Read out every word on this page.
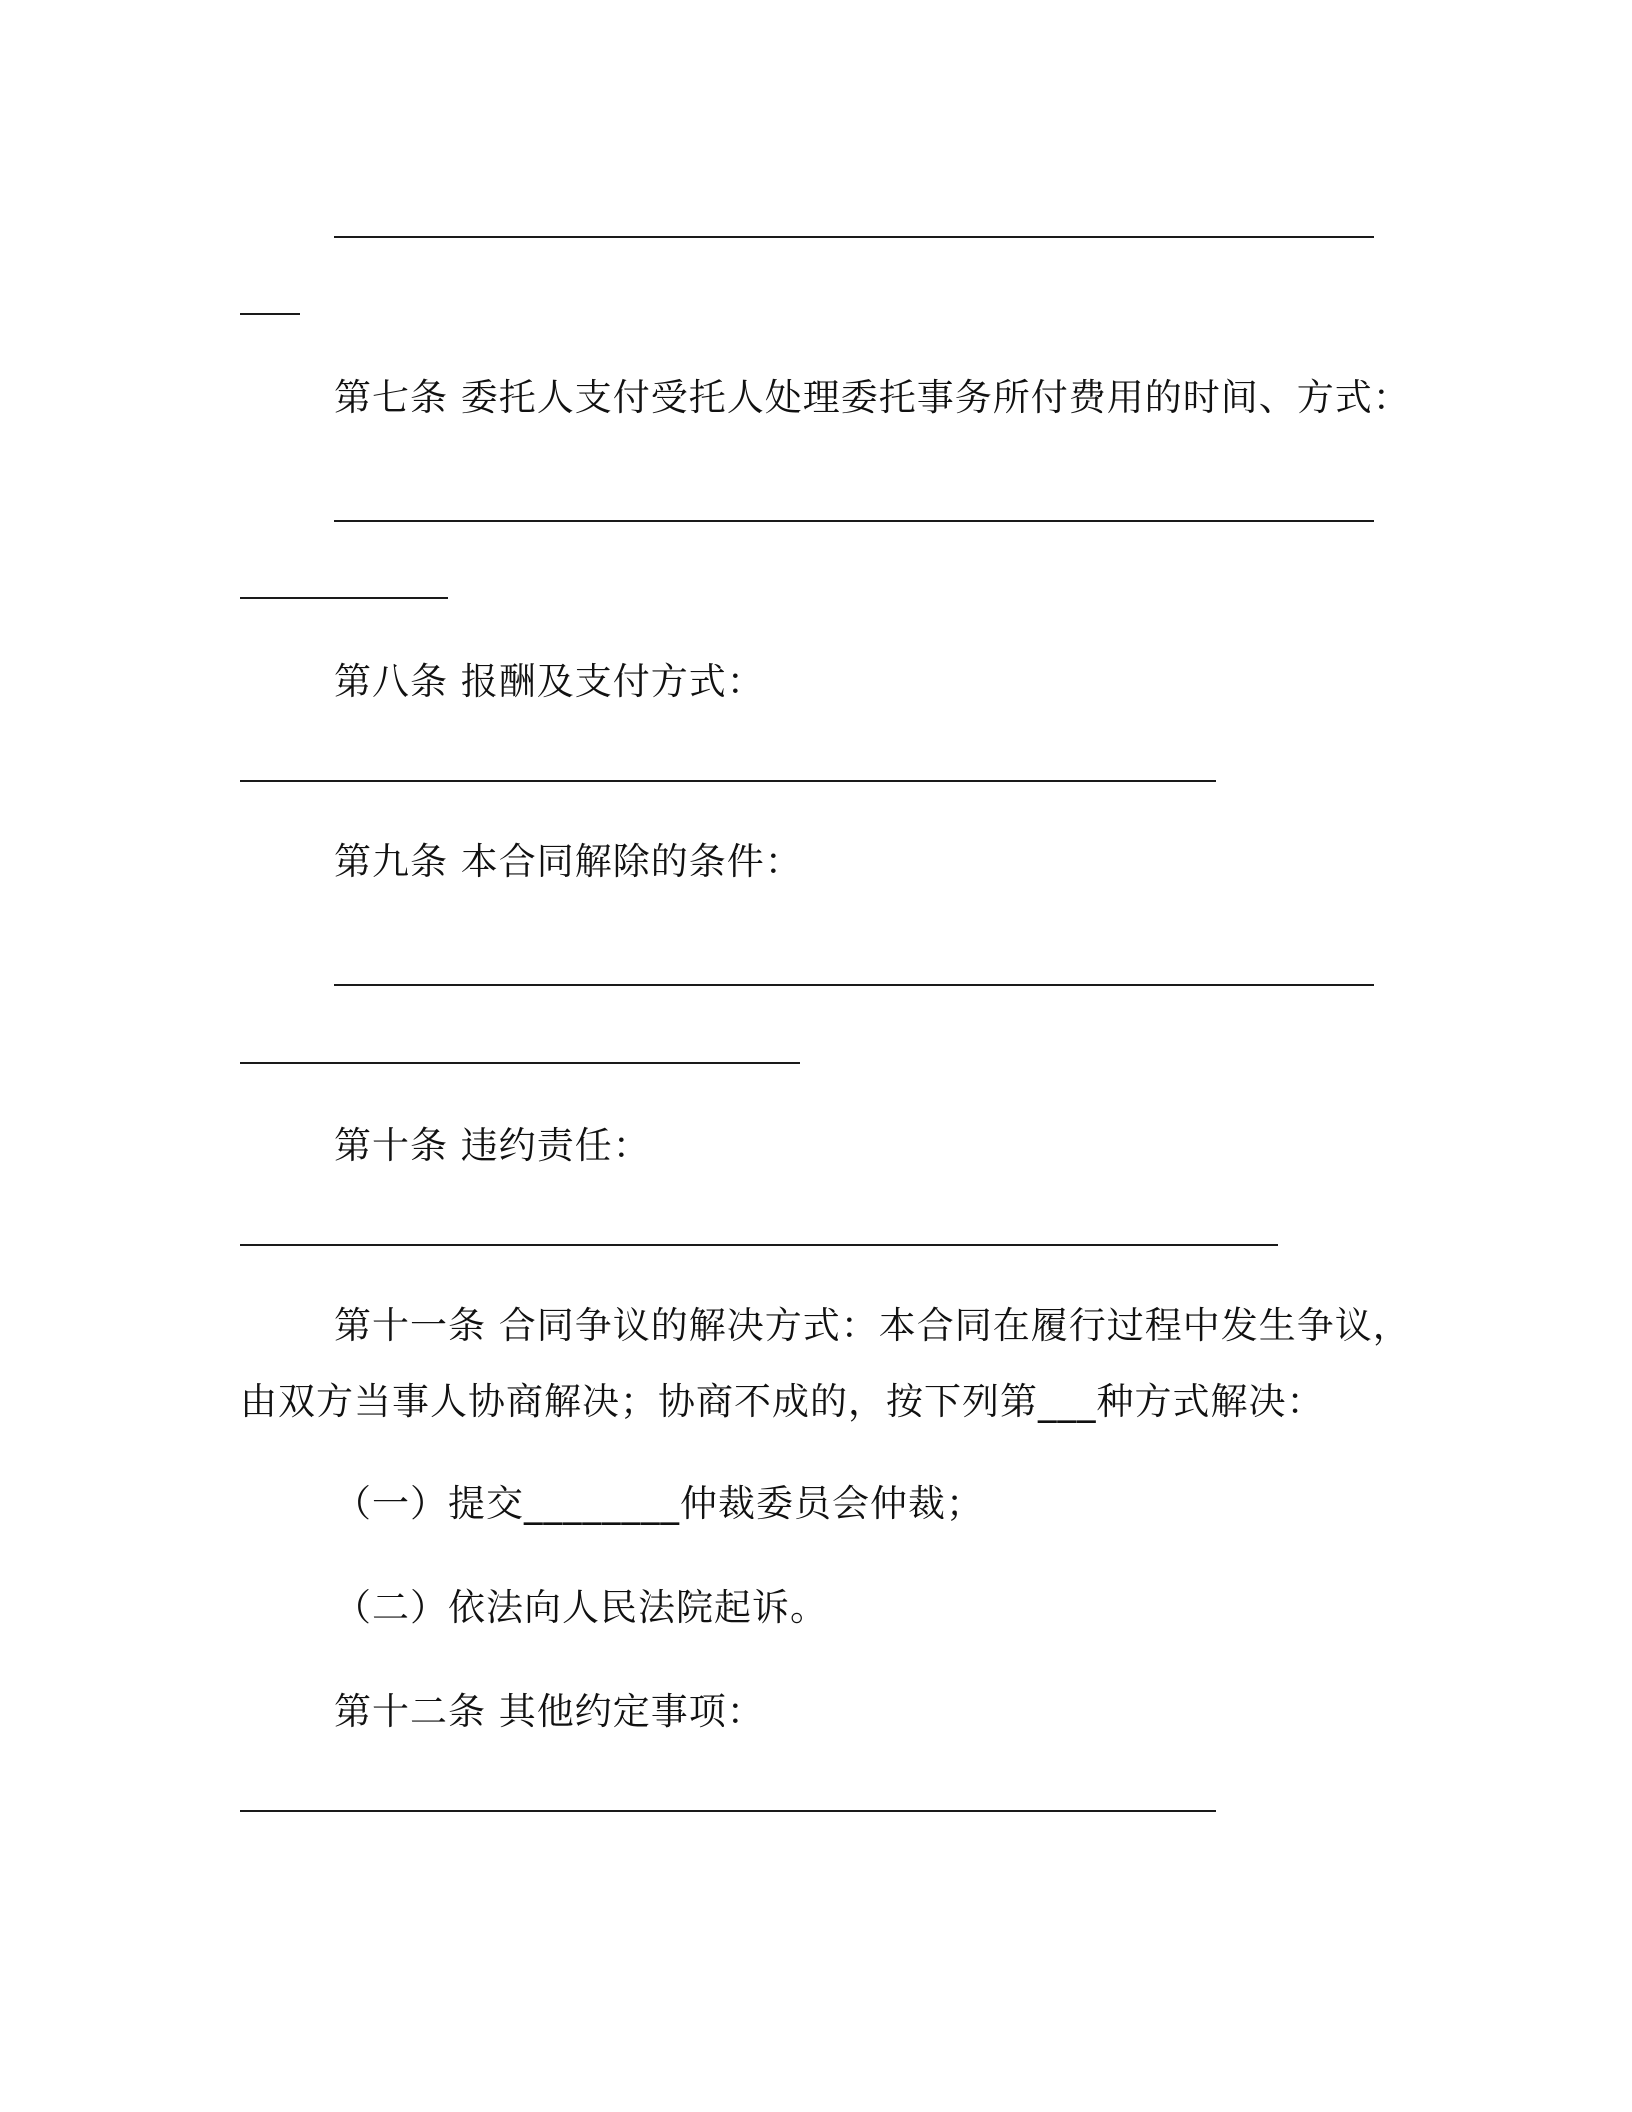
第七条 委托人支付受托人处理委托事务所付费用的时间、方式：
第八条 报酬及支付方式：
第九条 本合同解除的条件：
第十条 违约责任：
第十一条 合同争议的解决方式：本合同在履行过程中发生争议，
由双方当事人协商解决；协商不成的，按下列第___种方式解决：
（一）提交________仲裁委员会仲裁；
（二）依法向人民法院起诉。
第十二条 其他约定事项：
